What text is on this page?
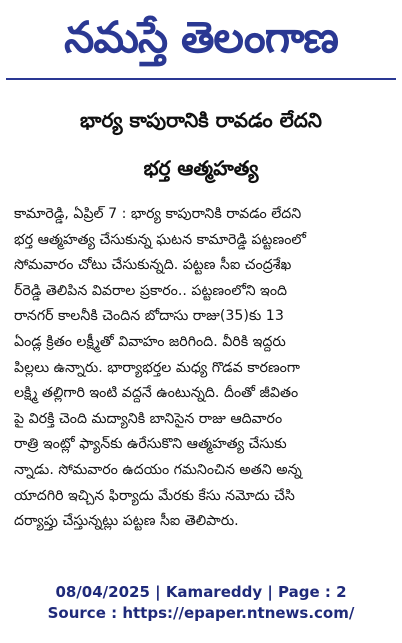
నమస్తే తెలంగాణ
భార్య కాపురానికి రావడం లేదని
భర్త ఆత్మహత్య
కామారెడ్డి, ఏప్రిల్ 7 : భార్య కాపురానికి రావడం లేదని
భర్త ఆత్మహత్య చేసుకున్న ఘటన కామారెడ్డి పట్టణంలో
సోమవారం చోటు చేసుకున్నది. పట్టణ సీఐ చంద్రశేఖ
ర్‌రెడ్డి తెలిపిన వివరాల ప్రకారం.. పట్టణంలోని ఇంది
రానగర్ కాలనీకి చెందిన బోదాసు రాజు(35)కు 13
ఏండ్ల క్రితం లక్ష్మీతో వివాహం జరిగింది. వీరికి ఇద్దరు
పిల్లలు ఉన్నారు. భార్యాభర్తల మధ్య గొడవ కారణంగా
లక్ష్మి తల్లిగారి ఇంటి వద్దనే ఉంటున్నది. దీంతో జీవితం
పై విరక్తి చెంది మద్యానికి బానిసైన రాజు ఆదివారం
రాత్రి ఇంట్లో ఫ్యాన్‌కు ఉరేసుకొని ఆత్మహత్య చేసుకు
న్నాడు. సోమవారం ఉదయం గమనించిన అతని అన్న
యాదగిరి ఇచ్చిన ఫిర్యాదు మేరకు కేసు నమోదు చేసి
దర్యాప్తు చేస్తున్నట్లు పట్టణ సీఐ తెలిపారు.
08/04/2025 | Kamareddy | Page : 2
Source : https://epaper.ntnews.com/
